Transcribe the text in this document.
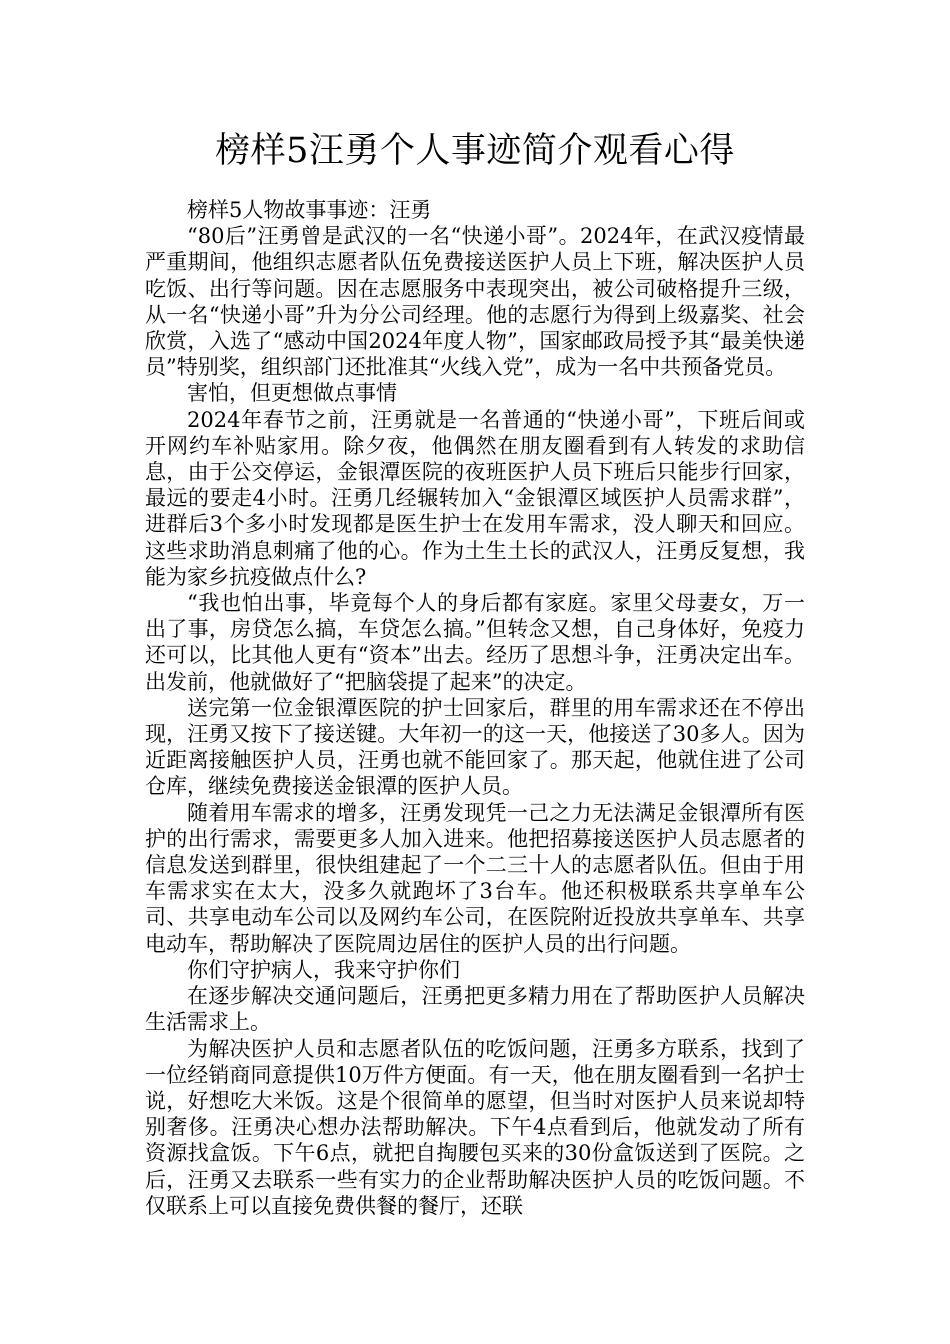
榜样5汪勇个人事迹简介观看心得

榜样5人物故事事迹：汪勇

“80后”汪勇曾是武汉的一名“快递小哥”。2024年，在武汉疫情最严重期间，他组织志愿者队伍免费接送医护人员上下班，解决医护人员吃饭、出行等问题。因在志愿服务中表现突出，被公司破格提升三级，从一名“快递小哥”升为分公司经理。他的志愿行为得到上级嘉奖、社会欣赏，入选了“感动中国2024年度人物”，国家邮政局授予其“最美快递员”特别奖，组织部门还批准其“火线入党”，成为一名中共预备党员。

害怕，但更想做点事情

2024年春节之前，汪勇就是一名普通的“快递小哥”，下班后间或开网约车补贴家用。除夕夜，他偶然在朋友圈看到有人转发的求助信息，由于公交停运，金银潭医院的夜班医护人员下班后只能步行回家，最远的要走4小时。汪勇几经辗转加入“金银潭区域医护人员需求群”，进群后3个多小时发现都是医生护士在发用车需求，没人聊天和回应。这些求助消息刺痛了他的心。作为土生土长的武汉人，汪勇反复想，我能为家乡抗疫做点什么?

“我也怕出事，毕竟每个人的身后都有家庭。家里父母妻女，万一出了事，房贷怎么搞，车贷怎么搞。”但转念又想，自己身体好，免疫力还可以，比其他人更有“资本”出去。经历了思想斗争，汪勇决定出车。出发前，他就做好了“把脑袋提了起来”的决定。

送完第一位金银潭医院的护士回家后，群里的用车需求还在不停出现，汪勇又按下了接送键。大年初一的这一天，他接送了30多人。因为近距离接触医护人员，汪勇也就不能回家了。那天起，他就住进了公司仓库，继续免费接送金银潭的医护人员。

随着用车需求的增多，汪勇发现凭一己之力无法满足金银潭所有医护的出行需求，需要更多人加入进来。他把招募接送医护人员志愿者的信息发送到群里，很快组建起了一个二三十人的志愿者队伍。但由于用车需求实在太大，没多久就跑坏了3台车。他还积极联系共享单车公司、共享电动车公司以及网约车公司，在医院附近投放共享单车、共享电动车，帮助解决了医院周边居住的医护人员的出行问题。

你们守护病人，我来守护你们

在逐步解决交通问题后，汪勇把更多精力用在了帮助医护人员解决生活需求上。

为解决医护人员和志愿者队伍的吃饭问题，汪勇多方联系，找到了一位经销商同意提供10万件方便面。有一天，他在朋友圈看到一名护士说，好想吃大米饭。这是个很简单的愿望，但当时对医护人员来说却特别奢侈。汪勇决心想办法帮助解决。下午4点看到后，他就发动了所有资源找盒饭。下午6点，就把自掏腰包买来的30份盒饭送到了医院。之后，汪勇又去联系一些有实力的企业帮助解决医护人员的吃饭问题。不仅联系上可以直接免费供餐的餐厅，还联
